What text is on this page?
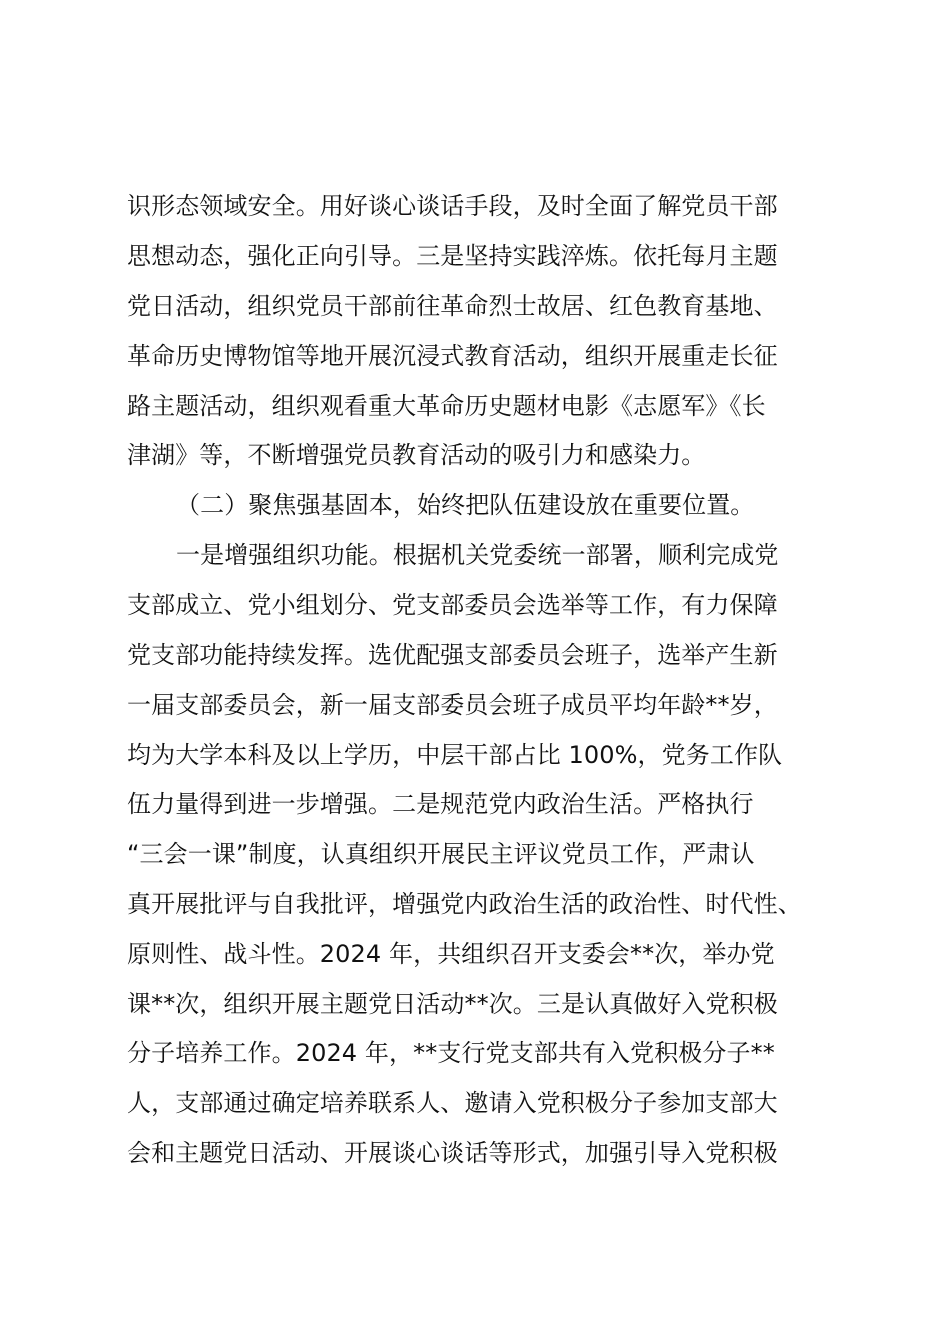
识形态领域安全。用好谈心谈话手段，及时全面了解党员干部
思想动态，强化正向引导。三是坚持实践淬炼。依托每月主题
党日活动，组织党员干部前往革命烈士故居、红色教育基地、
革命历史博物馆等地开展沉浸式教育活动，组织开展重走长征
路主题活动，组织观看重大革命历史题材电影《志愿军》《长
津湖》等，不断增强党员教育活动的吸引力和感染力。
（二）聚焦强基固本，始终把队伍建设放在重要位置。
一是增强组织功能。根据机关党委统一部署，顺利完成党
支部成立、党小组划分、党支部委员会选举等工作，有力保障
党支部功能持续发挥。选优配强支部委员会班子，选举产生新
一届支部委员会，新一届支部委员会班子成员平均年龄**岁，
均为大学本科及以上学历，中层干部占比 100%，党务工作队
伍力量得到进一步增强。二是规范党内政治生活。严格执行
“三会一课”制度，认真组织开展民主评议党员工作，严肃认
真开展批评与自我批评，增强党内政治生活的政治性、时代性、
原则性、战斗性。2024 年，共组织召开支委会**次，举办党
课**次，组织开展主题党日活动**次。三是认真做好入党积极
分子培养工作。2024 年，**支行党支部共有入党积极分子**
人，支部通过确定培养联系人、邀请入党积极分子参加支部大
会和主题党日活动、开展谈心谈话等形式，加强引导入党积极
